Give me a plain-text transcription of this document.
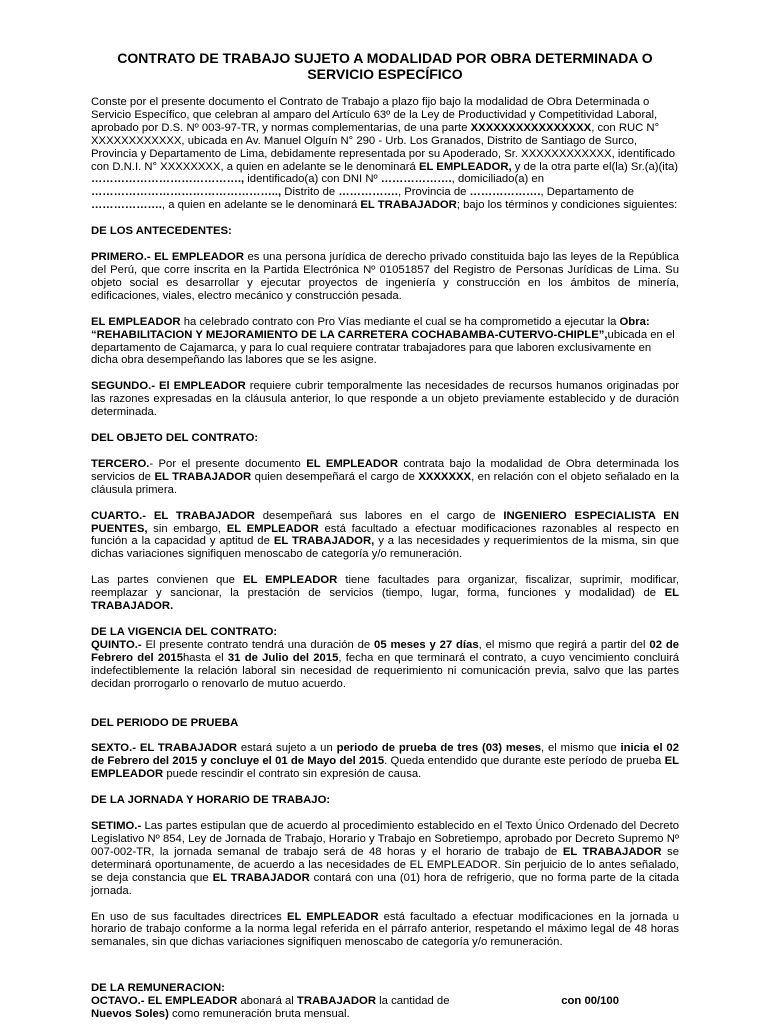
CONTRATO DE TRABAJO SUJETO A MODALIDAD POR OBRA DETERMINADA O
SERVICIO ESPECÍFICO

Conste por el presente documento el Contrato de Trabajo a plazo fijo bajo la modalidad de Obra Determinada o Servicio Específico, que celebran al amparo del Artículo 63º de la Ley de Productividad y Competitividad Laboral, aprobado por D.S. Nº 003-97-TR, y normas complementarias, de una parte XXXXXXXXXXXXXXXX, con RUC N° XXXXXXXXXXXX, ubicada en Av. Manuel Olguín N° 290 - Urb. Los Granados, Distrito de Santiago de Surco, Provincia y Departamento de Lima, debidamente representada por su Apoderado, Sr. XXXXXXXXXXXX, identificado con D.N.I. N° XXXXXXXX, a quien en adelante se le denominará EL EMPLEADOR, y de la otra parte el(la) Sr.(a)(ita) …………………………………., identificado(a) con DNI Nº ………………., domiciliado(a) en ………………………………………….., Distrito de ……………., Provincia de ………………., Departamento de ………………., a quien en adelante se le denominará EL TRABAJADOR; bajo los términos y condiciones siguientes:

DE LOS ANTECEDENTES:

PRIMERO.- EL EMPLEADOR es una persona jurídica de derecho privado constituida bajo las leyes de la República del Perú, que corre inscrita en la Partida Electrónica Nº 01051857 del Registro de Personas Jurídicas de Lima. Su objeto social es desarrollar y ejecutar proyectos de ingeniería y construcción en los ámbitos de minería, edificaciones, viales, electro mecánico y construcción pesada.

EL EMPLEADOR ha celebrado contrato con Pro Vías mediante el cual se ha comprometido a ejecutar la Obra: “REHABILITACION Y MEJORAMIENTO DE LA CARRETERA COCHABAMBA-CUTERVO-CHIPLE”,ubicada en el departamento de Cajamarca, y para lo cual requiere contratar trabajadores para que laboren exclusivamente en dicha obra desempeñando las labores que se les asigne.

SEGUNDO.- El EMPLEADOR requiere cubrir temporalmente las necesidades de recursos humanos originadas por las razones expresadas en la cláusula anterior, lo que responde a un objeto previamente establecido y de duración determinada.

DEL OBJETO DEL CONTRATO:

TERCERO.- Por el presente documento EL EMPLEADOR contrata bajo la modalidad de Obra determinada los servicios de EL TRABAJADOR quien desempeñará el cargo de XXXXXXX, en relación con el objeto señalado en la cláusula primera.

CUARTO.- EL TRABAJADOR desempeñará sus labores en el cargo de INGENIERO ESPECIALISTA EN PUENTES, sin embargo, EL EMPLEADOR está facultado a efectuar modificaciones razonables al respecto en función a la capacidad y aptitud de EL TRABAJADOR, y a las necesidades y requerimientos de la misma, sin que dichas variaciones signifiquen menoscabo de categoría y/o remuneración.

Las partes convienen que EL EMPLEADOR tiene facultades para organizar, fiscalizar, suprimir, modificar, reemplazar y sancionar, la prestación de servicios (tiempo, lugar, forma, funciones y modalidad) de EL TRABAJADOR.

DE LA VIGENCIA DEL CONTRATO:

QUINTO.- El presente contrato tendrá una duración de 05 meses y 27 días, el mismo que regirá a partir del 02 de Febrero del 2015hasta el 31 de Julio del 2015, fecha en que terminará el contrato, a cuyo vencimiento concluirá indefectiblemente la relación laboral sin necesidad de requerimiento ni comunicación previa, salvo que las partes decidan prorrogarlo o renovarlo de mutuo acuerdo.

DEL PERIODO DE PRUEBA

SEXTO.- EL TRABAJADOR estará sujeto a un periodo de prueba de tres (03) meses, el mismo que inicia el 02 de Febrero del 2015 y concluye el 01 de Mayo del 2015. Queda entendido que durante este período de prueba EL EMPLEADOR puede rescindir el contrato sin expresión de causa.

DE LA JORNADA Y HORARIO DE TRABAJO:

SETIMO.- Las partes estipulan que de acuerdo al procedimiento establecido en el Texto Único Ordenado del Decreto Legislativo Nº 854, Ley de Jornada de Trabajo, Horario y Trabajo en Sobretiempo, aprobado por Decreto Supremo Nº 007-002-TR, la jornada semanal de trabajo será de 48 horas y el horario de trabajo de EL TRABAJADOR se determinará oportunamente, de acuerdo a las necesidades de EL EMPLEADOR. Sin perjuicio de lo antes señalado, se deja constancia que EL TRABAJADOR contará con una (01) hora de refrigerio, que no forma parte de la citada jornada.

En uso de sus facultades directrices EL EMPLEADOR está facultado a efectuar modificaciones en la jornada u horario de trabajo conforme a la norma legal referida en el párrafo anterior, respetando el máximo legal de 48 horas semanales, sin que dichas variaciones signifiquen menoscabo de categoría y/o remuneración.

DE LA REMUNERACION:
OCTAVO.- EL EMPLEADOR abonará al TRABAJADOR la cantidad de	con 00/100

Nuevos Soles) como remuneración bruta mensual.
